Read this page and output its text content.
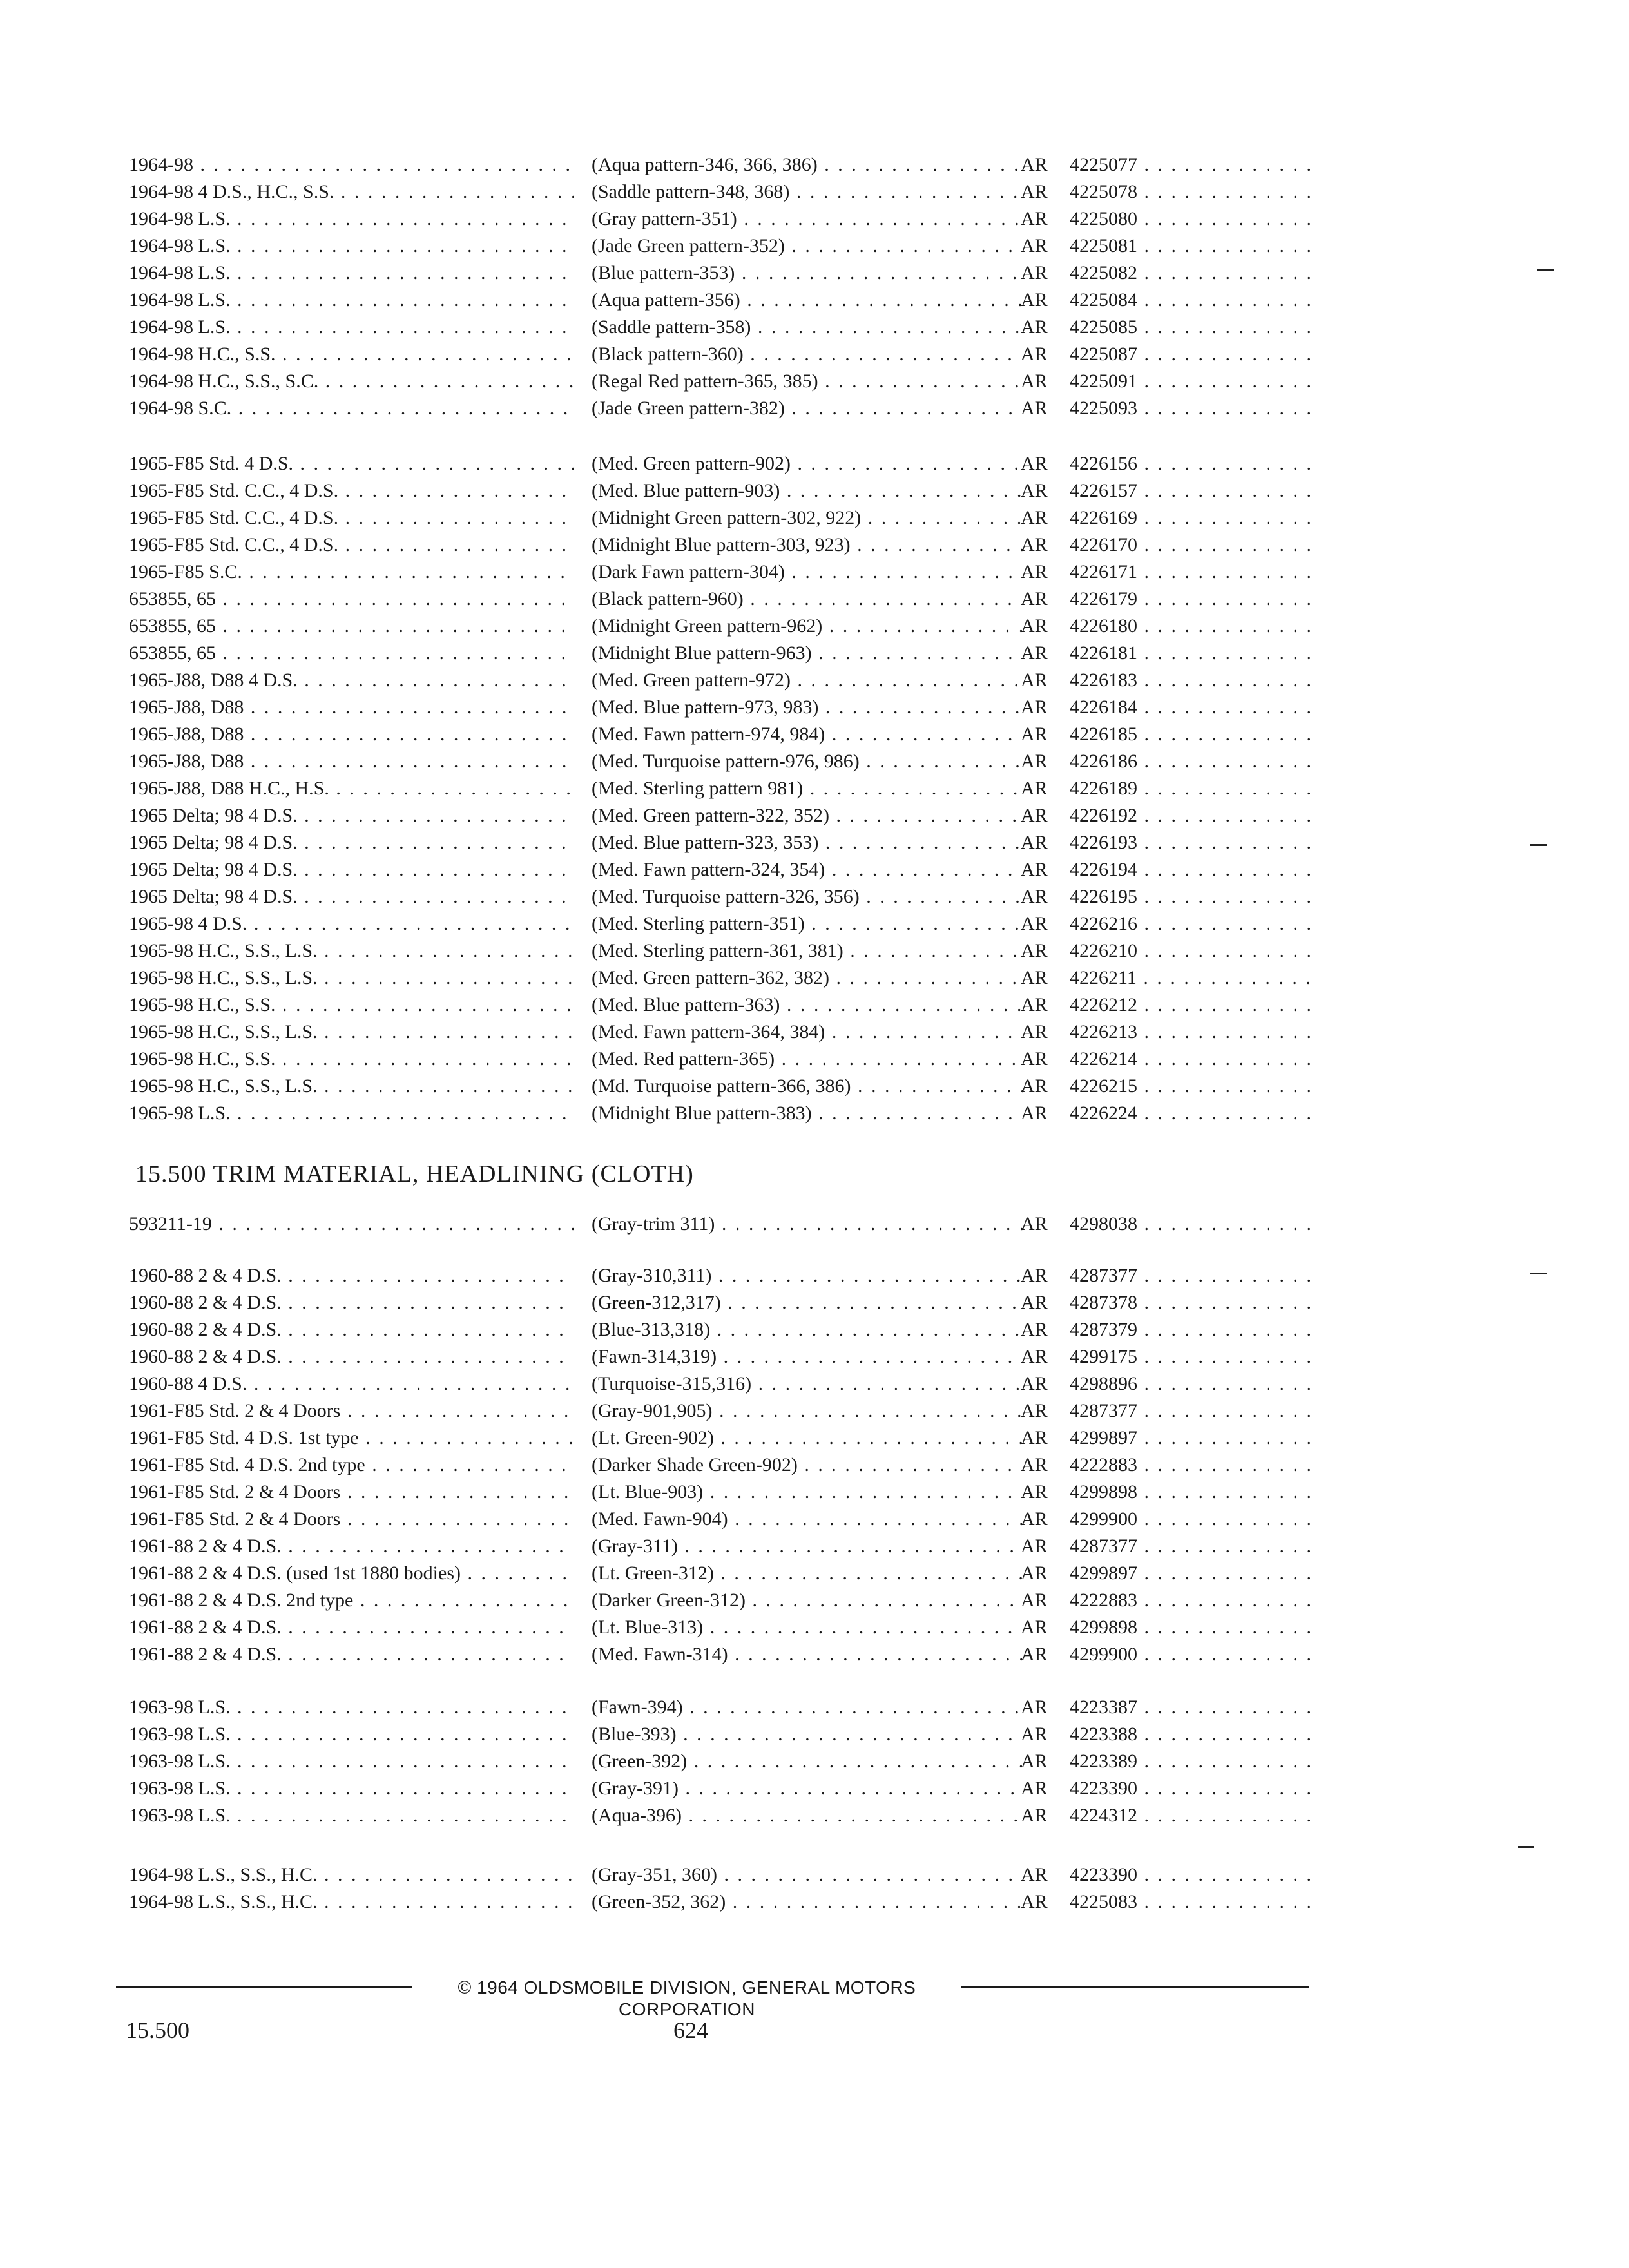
1964-98 . . .	(Aqua pattern-346, 366, 386) . . .	AR	4225077 . . .
1964-98 4 D.S., H.C., S.S. . . .	(Saddle pattern-348, 368) . . .	AR	4225078 . . .
1964-98 L.S. . . .	(Gray pattern-351) . . .	AR	4225080 . . .
1964-98 L.S. . . .	(Jade Green pattern-352) . . .	AR	4225081 . . .
1964-98 L.S. . . .	(Blue pattern-353) . . .	AR	4225082 . . .
1964-98 L.S. . . .	(Aqua pattern-356) . . .	AR	4225084 . . .
1964-98 L.S. . . .	(Saddle pattern-358) . . .	AR	4225085 . . .
1964-98 H.C., S.S. . . .	(Black pattern-360) . . .	AR	4225087 . . .
1964-98 H.C., S.S., S.C. . . .	(Regal Red pattern-365, 385) . . .	AR	4225091 . . .
1964-98 S.C. . . .	(Jade Green pattern-382) . . .	AR	4225093 . . .
1965-F85 Std. 4 D.S. . . .	(Med. Green pattern-902) . . .	AR	4226156 . . .
1965-F85 Std. C.C., 4 D.S. . . .	(Med. Blue pattern-903) . . .	AR	4226157 . . .
1965-F85 Std. C.C., 4 D.S. . . .	(Midnight Green pattern-302, 922) . . .	AR	4226169 . . .
1965-F85 Std. C.C., 4 D.S. . . .	(Midnight Blue pattern-303, 923) . . .	AR	4226170 . . .
1965-F85 S.C. . . .	(Dark Fawn pattern-304) . . .	AR	4226171 . . .
653855, 65 . . .	(Black pattern-960) . . .	AR	4226179 . . .
653855, 65 . . .	(Midnight Green pattern-962) . . .	AR	4226180 . . .
653855, 65 . . .	(Midnight Blue pattern-963) . . .	AR	4226181 . . .
1965-J88, D88 4 D.S. . . .	(Med. Green pattern-972) . . .	AR	4226183 . . .
1965-J88, D88 . . .	(Med. Blue pattern-973, 983) . . .	AR	4226184 . . .
1965-J88, D88 . . .	(Med. Fawn pattern-974, 984) . . .	AR	4226185 . . .
1965-J88, D88 . . .	(Med. Turquoise pattern-976, 986) . . .	AR	4226186 . . .
1965-J88, D88 H.C., H.S. . . .	(Med. Sterling pattern 981) . . .	AR	4226189 . . .
1965 Delta; 98 4 D.S. . . .	(Med. Green pattern-322, 352) . . .	AR	4226192 . . .
1965 Delta; 98 4 D.S. . . .	(Med. Blue pattern-323, 353) . . .	AR	4226193 . . .
1965 Delta; 98 4 D.S. . . .	(Med. Fawn pattern-324, 354) . . .	AR	4226194 . . .
1965 Delta; 98 4 D.S. . . .	(Med. Turquoise pattern-326, 356) . . .	AR	4226195 . . .
1965-98 4 D.S. . . .	(Med. Sterling pattern-351) . . .	AR	4226216 . . .
1965-98 H.C., S.S., L.S. . . .	(Med. Sterling pattern-361, 381) . . .	AR	4226210 . . .
1965-98 H.C., S.S., L.S. . . .	(Med. Green pattern-362, 382) . . .	AR	4226211 . . .
1965-98 H.C., S.S. . . .	(Med. Blue pattern-363) . . .	AR	4226212 . . .
1965-98 H.C., S.S., L.S. . . .	(Med. Fawn pattern-364, 384) . . .	AR	4226213 . . .
1965-98 H.C., S.S. . . .	(Med. Red pattern-365) . . .	AR	4226214 . . .
1965-98 H.C., S.S., L.S. . . .	(Md. Turquoise pattern-366, 386) . . .	AR	4226215 . . .
1965-98 L.S. . . .	(Midnight Blue pattern-383) . . .	AR	4226224 . . .
593211-19 . . .	(Gray-trim 311) . . .	AR	4298038 . . .
1960-88 2 & 4 D.S. . . .	(Gray-310,311) . . .	AR	4287377 . . .
1960-88 2 & 4 D.S. . . .	(Green-312,317) . . .	AR	4287378 . . .
1960-88 2 & 4 D.S. . . .	(Blue-313,318) . . .	AR	4287379 . . .
1960-88 2 & 4 D.S. . . .	(Fawn-314,319) . . .	AR	4299175 . . .
1960-88 4 D.S. . . .	(Turquoise-315,316) . . .	AR	4298896 . . .
1961-F85 Std. 2 & 4 Doors . . .	(Gray-901,905) . . .	AR	4287377 . . .
1961-F85 Std. 4 D.S. 1st type . . .	(Lt. Green-902) . . .	AR	4299897 . . .
1961-F85 Std. 4 D.S. 2nd type . . .	(Darker Shade Green-902) . . .	AR	4222883 . . .
1961-F85 Std. 2 & 4 Doors . . .	(Lt. Blue-903) . . .	AR	4299898 . . .
1961-F85 Std. 2 & 4 Doors . . .	(Med. Fawn-904) . . .	AR	4299900 . . .
1961-88 2 & 4 D.S. . . .	(Gray-311) . . .	AR	4287377 . . .
1961-88 2 & 4 D.S. (used 1st 1880 bodies) . . .	(Lt. Green-312) . . .	AR	4299897 . . .
1961-88 2 & 4 D.S. 2nd type . . .	(Darker Green-312) . . .	AR	4222883 . . .
1961-88 2 & 4 D.S. . . .	(Lt. Blue-313) . . .	AR	4299898 . . .
1961-88 2 & 4 D.S. . . .	(Med. Fawn-314) . . .	AR	4299900 . . .
1963-98 L.S. . . .	(Fawn-394) . . .	AR	4223387 . . .
1963-98 L.S. . . .	(Blue-393) . . .	AR	4223388 . . .
1963-98 L.S. . . .	(Green-392) . . .	AR	4223389 . . .
1963-98 L.S. . . .	(Gray-391) . . .	AR	4223390 . . .
1963-98 L.S. . . .	(Aqua-396) . . .	AR	4224312 . . .
1964-98 L.S., S.S., H.C. . . .	(Gray-351, 360) . . .	AR	4223390 . . .
1964-98 L.S., S.S., H.C. . . .	(Green-352, 362) . . .	AR	4225083 . . .
15.500 TRIM MATERIAL, HEADLINING (CLOTH)
© 1964 OLDSMOBILE DIVISION, GENERAL MOTORS CORPORATION
15.500	624
